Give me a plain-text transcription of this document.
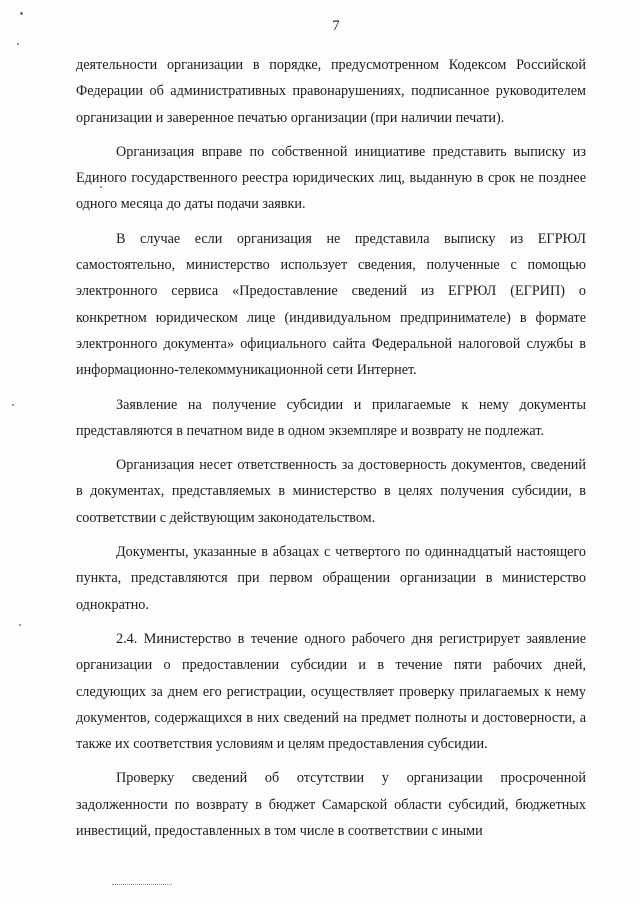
7

деятельности организации в порядке, предусмотренном Кодексом Российской Федерации об административных правонарушениях, подписанное руководителем организации и заверенное печатью организации (при наличии печати).

Организация вправе по собственной инициативе представить выписку из Единого государственного реестра юридических лиц, выданную в срок не позднее одного месяца до даты подачи заявки.

В случае если организация не представила выписку из ЕГРЮЛ самостоятельно, министерство использует сведения, полученные с помощью электронного сервиса «Предоставление сведений из ЕГРЮЛ (ЕГРИП) о конкретном юридическом лице (индивидуальном предпринимателе) в формате электронного документа» официального сайта Федеральной налоговой службы в информационно-телекоммуникационной сети Интернет.

Заявление на получение субсидии и прилагаемые к нему документы представляются в печатном виде в одном экземпляре и возврату не подлежат.

Организация несет ответственность за достоверность документов, сведений в документах, представляемых в министерство в целях получения субсидии, в соответствии с действующим законодательством.

Документы, указанные в абзацах с четвертого по одиннадцатый настоящего пункта, представляются при первом обращении организации в министерство однократно.

2.4. Министерство в течение одного рабочего дня регистрирует заявление организации о предоставлении субсидии и в течение пяти рабочих дней, следующих за днем его регистрации, осуществляет проверку прилагаемых к нему документов, содержащихся в них сведений на предмет полноты и достоверности, а также их соответствия условиям и целям предоставления субсидии.

Проверку сведений об отсутствии у организации просроченной задолженности по возврату в бюджет Самарской области субсидий, бюджетных инвестиций, предоставленных в том числе в соответствии с иными
